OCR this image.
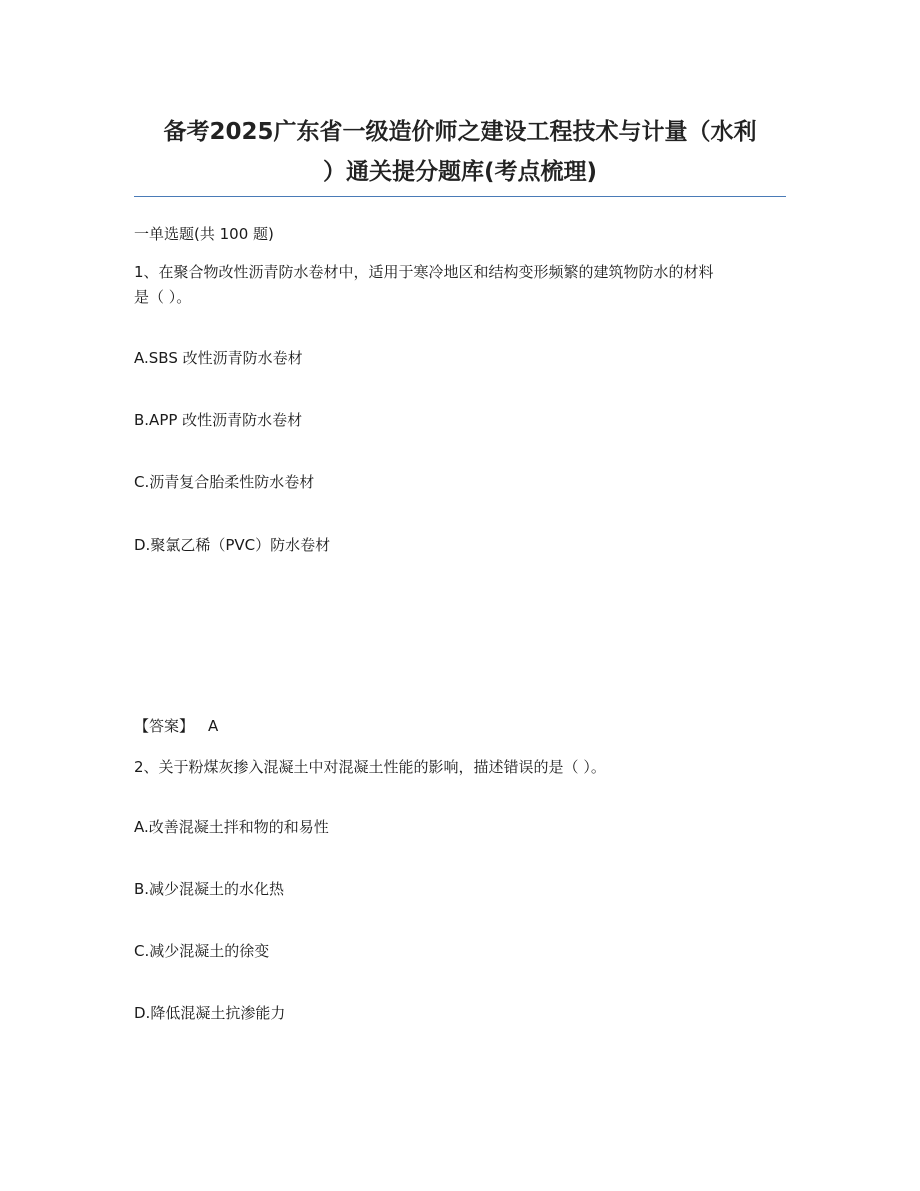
备考2025广东省一级造价师之建设工程技术与计量（水利
）通关提分题库(考点梳理)
一单选题(共 100 题)
1、在聚合物改性沥青防水卷材中，适用于寒冷地区和结构变形频繁的建筑物防水的材料
是（ ）。
A.SBS 改性沥青防水卷材
B.APP 改性沥青防水卷材
C.沥青复合胎柔性防水卷材
D.聚氯乙稀（PVC）防水卷材
【答案】 A
2、关于粉煤灰掺入混凝土中对混凝土性能的影响，描述错误的是（ ）。
A.改善混凝土拌和物的和易性
B.减少混凝土的水化热
C.减少混凝土的徐变
D.降低混凝土抗渗能力
